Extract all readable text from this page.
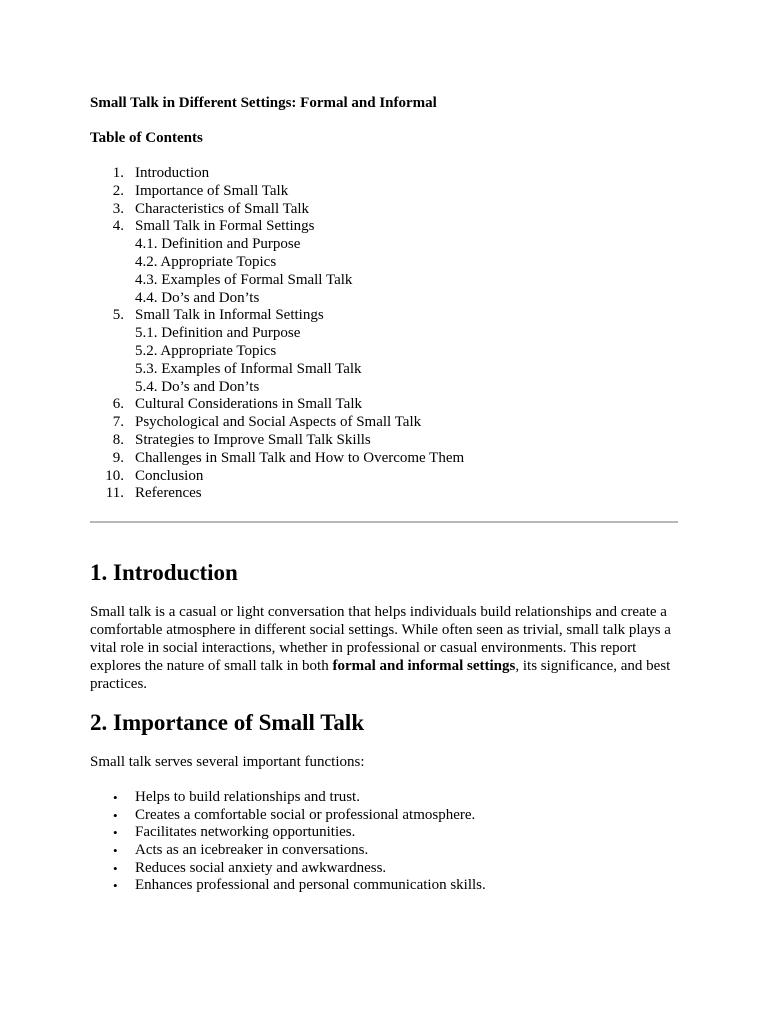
Small Talk in Different Settings: Formal and Informal

Table of Contents

1. Introduction
2. Importance of Small Talk
3. Characteristics of Small Talk
4. Small Talk in Formal Settings
4.1. Definition and Purpose
4.2. Appropriate Topics
4.3. Examples of Formal Small Talk
4.4. Do’s and Don’ts
5. Small Talk in Informal Settings
5.1. Definition and Purpose
5.2. Appropriate Topics
5.3. Examples of Informal Small Talk
5.4. Do’s and Don’ts
6. Cultural Considerations in Small Talk
7. Psychological and Social Aspects of Small Talk
8. Strategies to Improve Small Talk Skills
9. Challenges in Small Talk and How to Overcome Them
10. Conclusion
11. References
1. Introduction

Small talk is a casual or light conversation that helps individuals build relationships and create a comfortable atmosphere in different social settings. While often seen as trivial, small talk plays a vital role in social interactions, whether in professional or casual environments. This report explores the nature of small talk in both formal and informal settings, its significance, and best practices.

2. Importance of Small Talk

Small talk serves several important functions:

• Helps to build relationships and trust.
• Creates a comfortable social or professional atmosphere.
• Facilitates networking opportunities.
• Acts as an icebreaker in conversations.
• Reduces social anxiety and awkwardness.
• Enhances professional and personal communication skills.
